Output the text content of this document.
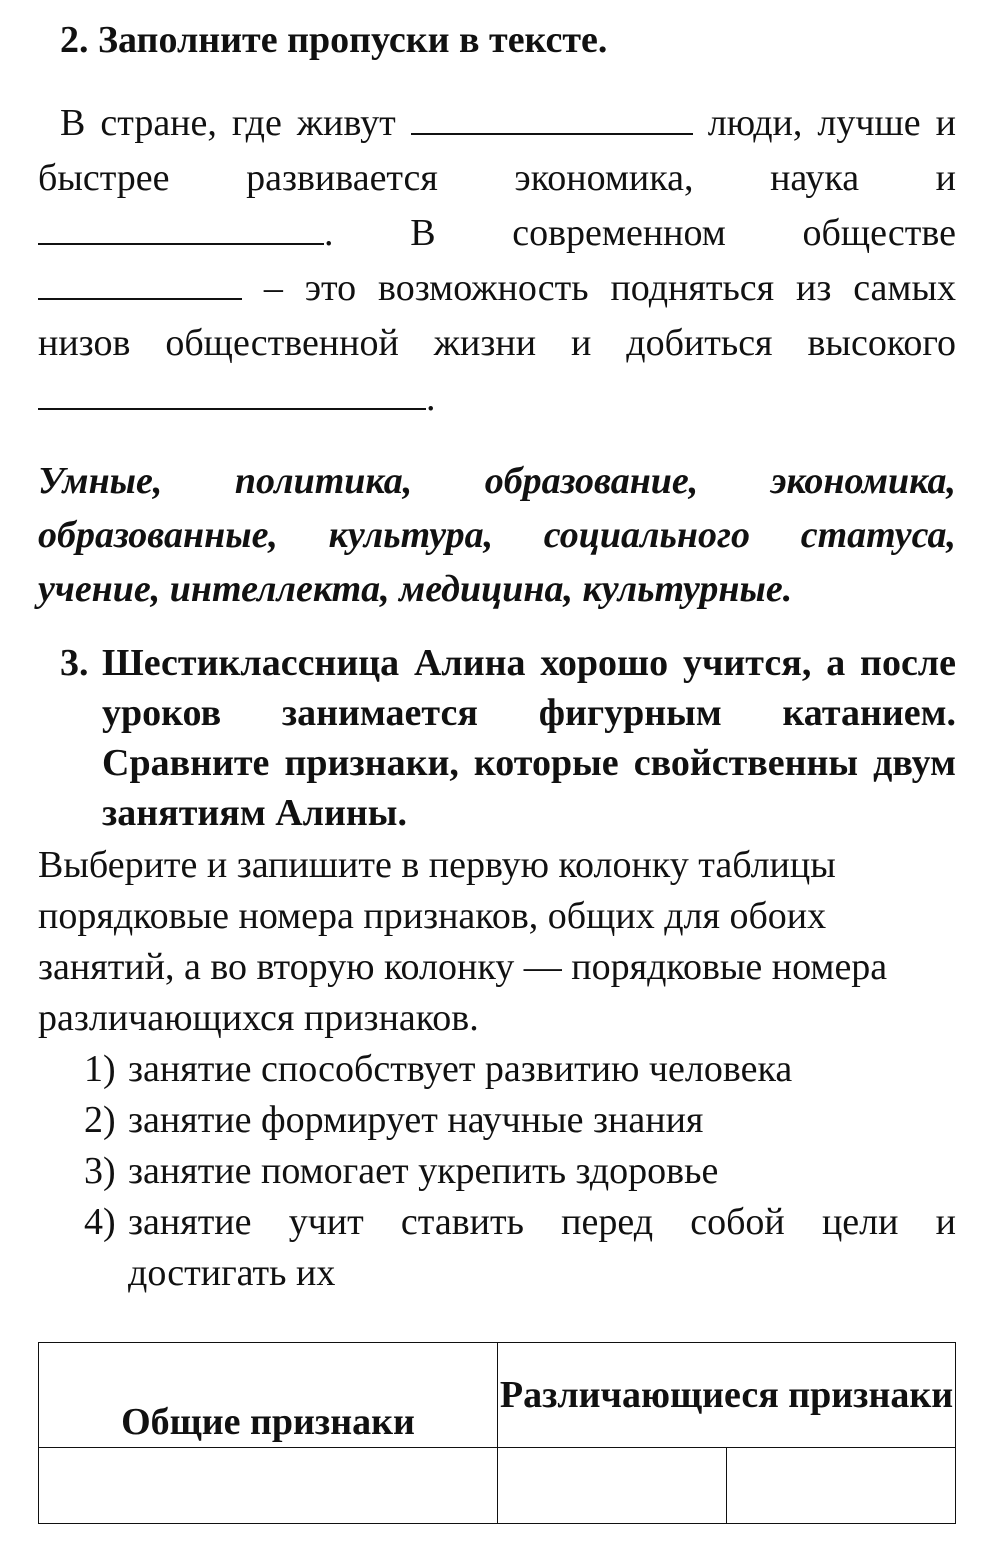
2. Заполните пропуски в тексте.
В стране, где живут	люди, лучше и быстрее развивается экономика, наука и . В современном обществе  – это возможность подняться из самых низов общественной жизни и добиться высокого .
Умные, политика, образование, экономика, образованные, культура, социального статуса, учение, интеллекта, медицина, культурные.
3. Шестиклассница Алина хорошо учится, а после уроков занимается фигурным катанием. Сравните признаки, которые свойственны двум занятиям Алины.
Выберите и запишите в первую колонку таблицы порядковые номера признаков, общих для обоих занятий, а во вторую колонку — порядковые номера различающихся признаков.
1) занятие способствует развитию человека
2) занятие формирует научные знания
3) занятие помогает укрепить здоровье
4) занятие учит ставить перед собой цели и достигать их
Общие признаки	Различающиеся признаки	
